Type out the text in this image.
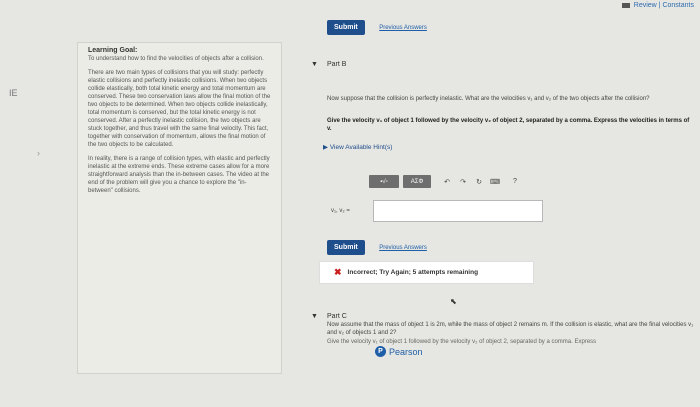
Review | Constants
IE
›
Submit	Previous Answers
Learning Goal:

To understand how to find the velocities of objects after a collision.

There are two main types of collisions that you will study: perfectly elastic collisions and perfectly inelastic collisions. When two objects collide elastically, both total kinetic energy and total momentum are conserved. These two conservation laws allow the final motion of the two objects to be determined. When two objects collide inelastically, total momentum is conserved, but the total kinetic energy is not conserved. After a perfectly inelastic collision, the two objects are stuck together, and thus travel with the same final velocity. This fact, together with conservation of momentum, allows the final motion of the two objects to be calculated.

In reality, there is a range of collision types, with elastic and perfectly inelastic at the extreme ends. These extreme cases allow for a more straightforward analysis than the in-between cases. The video at the end of the problem will give you a chance to explore the "in-between" collisions.

▼ Part B
Now suppose that the collision is perfectly inelastic. What are the velocities v₁ and v₂ of the two objects after the collision?
Give the velocity v₁ of object 1 followed by the velocity v₂ of object 2, separated by a comma. Express the velocities in terms of v.
▶ View Available Hint(s)
▪√▫	ΑΣΦ	↶	↷	↻	⌨	?
v₁, v₂ =
Submit	Previous Answers
✖ Incorrect; Try Again; 5 attempts remaining
⬉
▼ Part C
Now assume that the mass of object 1 is 2m, while the mass of object 2 remains m. If the collision is elastic, what are the final velocities v₁ and v₂ of objects 1 and 2?
Give the velocity v₁ of object 1 followed by the velocity v₂ of object 2, separated by a comma. Express
P Pearson
